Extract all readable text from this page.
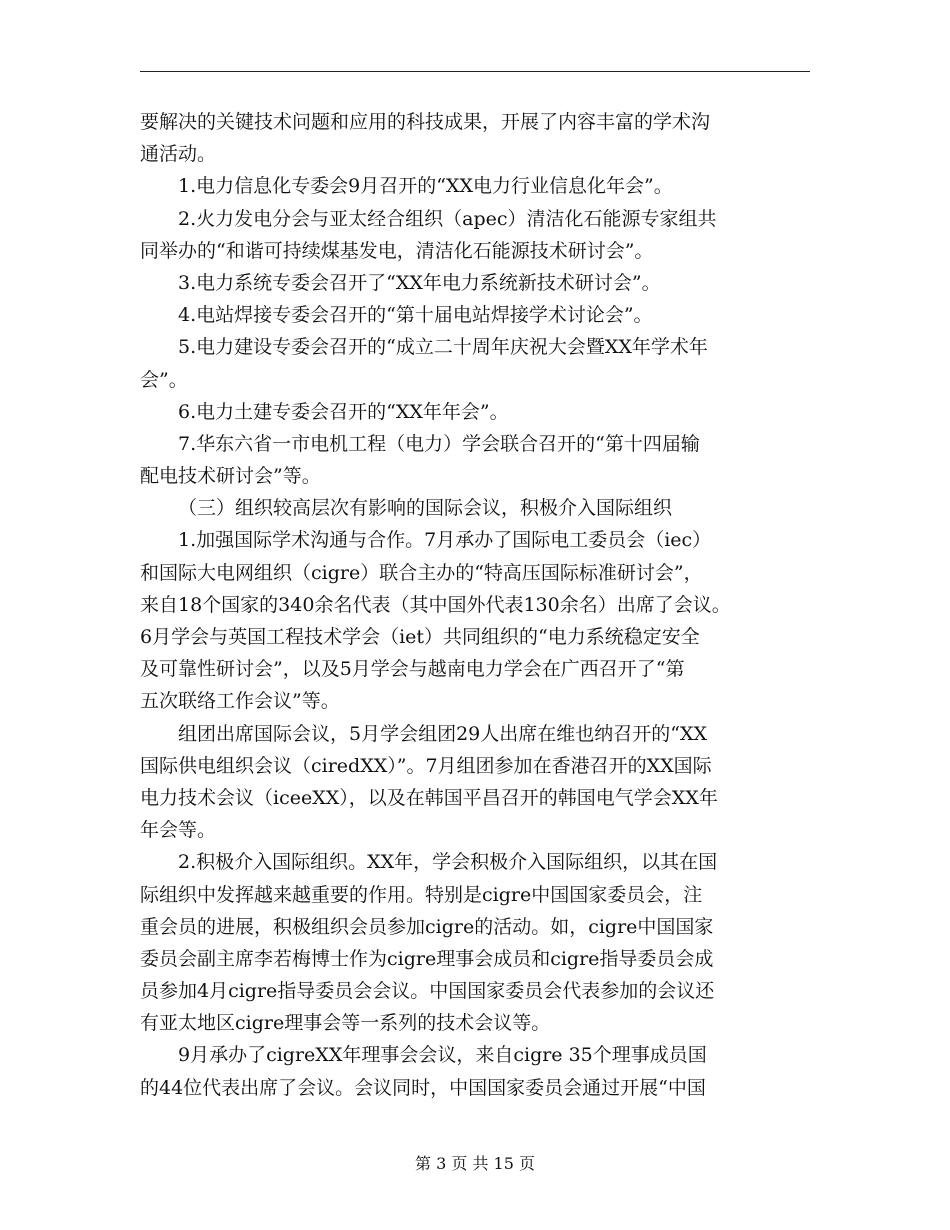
要解决的关键技术问题和应用的科技成果，开展了内容丰富的学术沟
通活动。
1.电力信息化专委会9月召开的“XX电力行业信息化年会”。
2.火力发电分会与亚太经合组织（apec）清洁化石能源专家组共
同举办的“和谐可持续煤基发电，清洁化石能源技术研讨会”。
3.电力系统专委会召开了“XX年电力系统新技术研讨会”。
4.电站焊接专委会召开的“第十届电站焊接学术讨论会”。
5.电力建设专委会召开的“成立二十周年庆祝大会暨XX年学术年
会”。
6.电力土建专委会召开的“XX年年会”。
7.华东六省一市电机工程（电力）学会联合召开的“第十四届输
配电技术研讨会”等。
（三）组织较高层次有影响的国际会议，积极介入国际组织
1.加强国际学术沟通与合作。7月承办了国际电工委员会（iec）
和国际大电网组织（cigre）联合主办的“特高压国际标准研讨会”，
来自18个国家的340余名代表（其中国外代表130余名）出席了会议。
6月学会与英国工程技术学会（iet）共同组织的“电力系统稳定安全
及可靠性研讨会”，以及5月学会与越南电力学会在广西召开了“第
五次联络工作会议”等。
组团出席国际会议，5月学会组团29人出席在维也纳召开的“XX
国际供电组织会议（ciredXX）”。7月组团参加在香港召开的XX国际
电力技术会议（iceeXX），以及在韩国平昌召开的韩国电气学会XX年
年会等。
2.积极介入国际组织。XX年，学会积极介入国际组织，以其在国
际组织中发挥越来越重要的作用。特别是cigre中国国家委员会，注
重会员的进展，积极组织会员参加cigre的活动。如，cigre中国国家
委员会副主席李若梅博士作为cigre理事会成员和cigre指导委员会成
员参加4月cigre指导委员会会议。中国国家委员会代表参加的会议还
有亚太地区cigre理事会等一系列的技术会议等。
9月承办了cigreXX年理事会会议，来自cigre 35个理事成员国
的44位代表出席了会议。会议同时，中国国家委员会通过开展“中国
第 3 页 共 15 页
